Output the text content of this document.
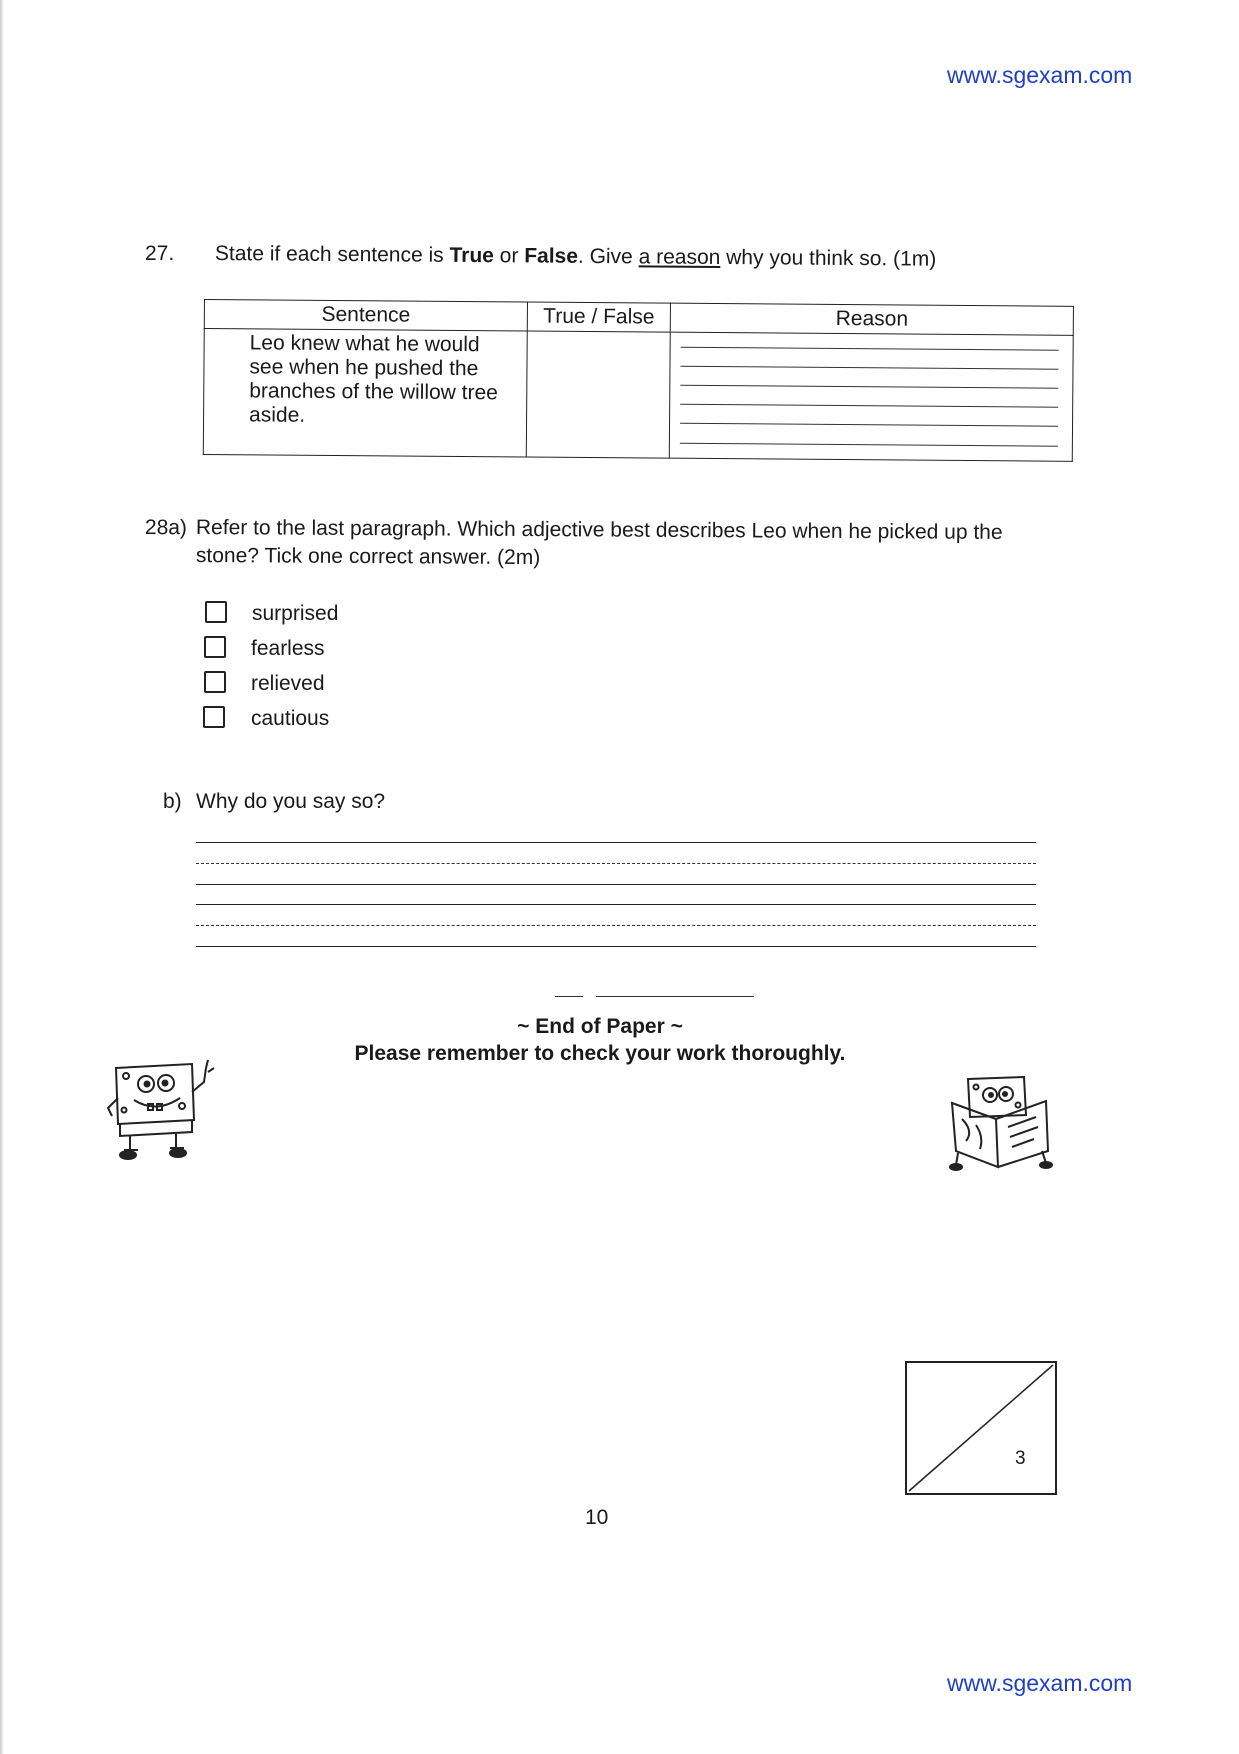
www.sgexam.com
27. State if each sentence is True or False. Give a reason why you think so. (1m)
Sentence	True / False	Reason

Leo knew what he would see when he pushed the branches of the willow tree aside.		

28a) Refer to the last paragraph. Which adjective best describes Leo when he picked up the
stone? Tick one correct answer. (2m)
surprised
fearless
relieved
cautious
b) Why do you say so?
~ End of Paper ~
Please remember to check your work thoroughly.
3
10
www.sgexam.com
